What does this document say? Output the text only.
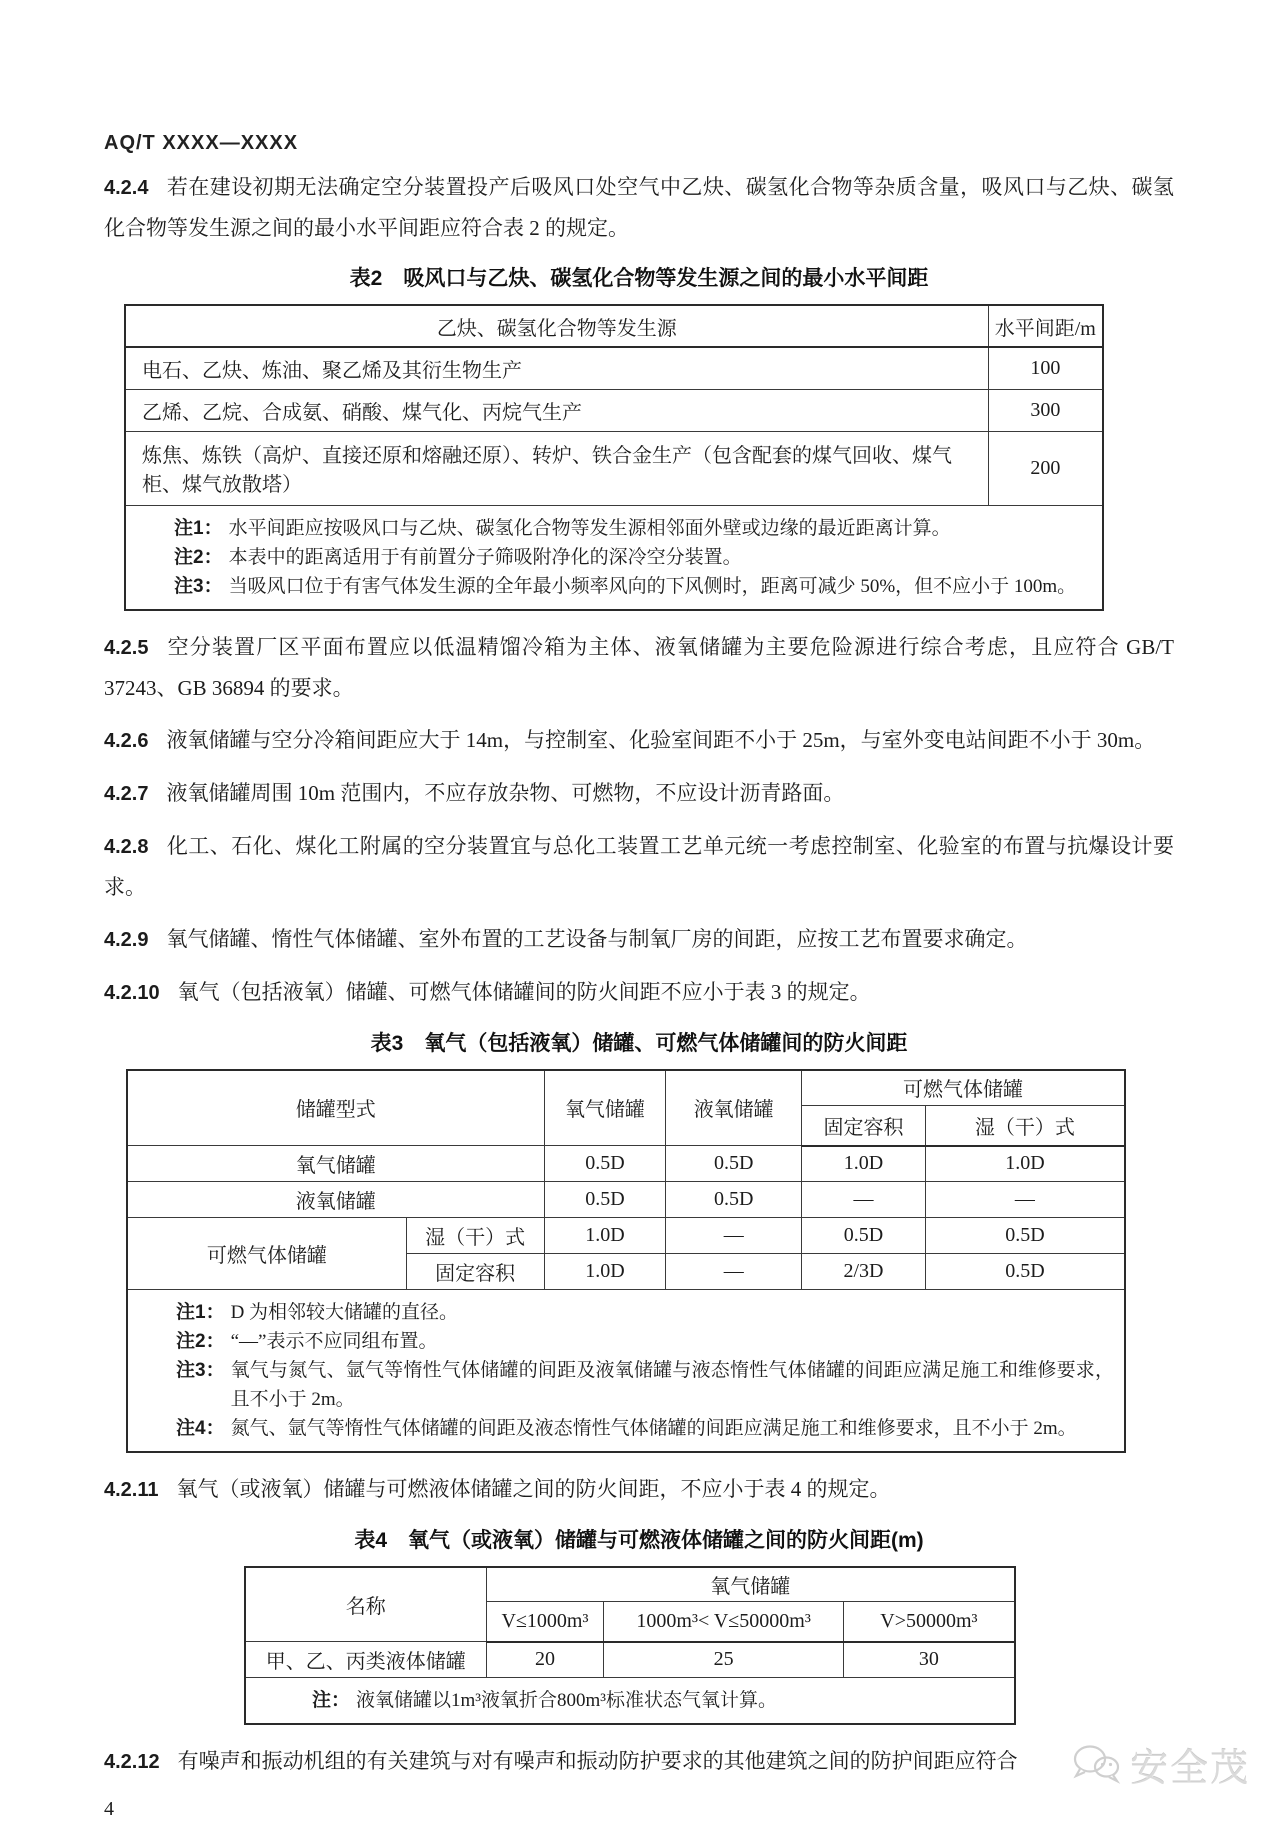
AQ/T XXXX—XXXX

4.2.4 若在建设初期无法确定空分装置投产后吸风口处空气中乙炔、碳氢化合物等杂质含量，吸风口与乙炔、碳氢化合物等发生源之间的最小水平间距应符合表 2 的规定。

表2　吸风口与乙炔、碳氢化合物等发生源之间的最小水平间距
乙炔、碳氢化合物等发生源	水平间距/m
电石、乙炔、炼油、聚乙烯及其衍生物生产	100
乙烯、乙烷、合成氨、硝酸、煤气化、丙烷气生产	300
炼焦、炼铁（高炉、直接还原和熔融还原）、转炉、铁合金生产（包含配套的煤气回收、煤气柜、煤气放散塔）	200

注1： 水平间距应按吸风口与乙炔、碳氢化合物等发生源相邻面外壁或边缘的最近距离计算。
注2： 本表中的距离适用于有前置分子筛吸附净化的深冷空分装置。
注3： 当吸风口位于有害气体发生源的全年最小频率风向的下风侧时，距离可减少 50%，但不应小于 100m。

4.2.5 空分装置厂区平面布置应以低温精馏冷箱为主体、液氧储罐为主要危险源进行综合考虑，且应符合 GB/T 37243、GB 36894 的要求。

4.2.6 液氧储罐与空分冷箱间距应大于 14m，与控制室、化验室间距不小于 25m，与室外变电站间距不小于 30m。

4.2.7 液氧储罐周围 10m 范围内，不应存放杂物、可燃物，不应设计沥青路面。

4.2.8 化工、石化、煤化工附属的空分装置宜与总化工装置工艺单元统一考虑控制室、化验室的布置与抗爆设计要求。

4.2.9 氧气储罐、惰性气体储罐、室外布置的工艺设备与制氧厂房的间距，应按工艺布置要求确定。

4.2.10 氧气（包括液氧）储罐、可燃气体储罐间的防火间距不应小于表 3 的规定。

表3　氧气（包括液氧）储罐、可燃气体储罐间的防火间距
储罐型式		氧气储罐	液氧储罐	可燃气体储罐	
				固定容积	湿（干）式
氧气储罐		0.5D	0.5D	1.0D	1.0D
液氧储罐		0.5D	0.5D	—	—
可燃气体储罐	湿（干）式	1.0D	—	0.5D	0.5D
	固定容积	1.0D	—	2/3D	0.5D

注1： D 为相邻较大储罐的直径。
注2： “—”表示不应同组布置。
注3： 氧气与氮气、氩气等惰性气体储罐的间距及液氧储罐与液态惰性气体储罐的间距应满足施工和维修要求，且不小于 2m。
注4： 氮气、氩气等惰性气体储罐的间距及液态惰性气体储罐的间距应满足施工和维修要求，且不小于 2m。

4.2.11 氧气（或液氧）储罐与可燃液体储罐之间的防火间距，不应小于表 4 的规定。

表4　氧气（或液氧）储罐与可燃液体储罐之间的防火间距(m)
名称	氧气储罐		
	V≤1000m³	1000m³< V≤50000m³	V>50000m³
甲、乙、丙类液体储罐	20	25	30

注： 液氧储罐以1m³液氧折合800m³标准状态气氧计算。			

4.2.12 有噪声和振动机组的有关建筑与对有噪声和振动防护要求的其他建筑之间的防护间距应符合

4
安全茂
